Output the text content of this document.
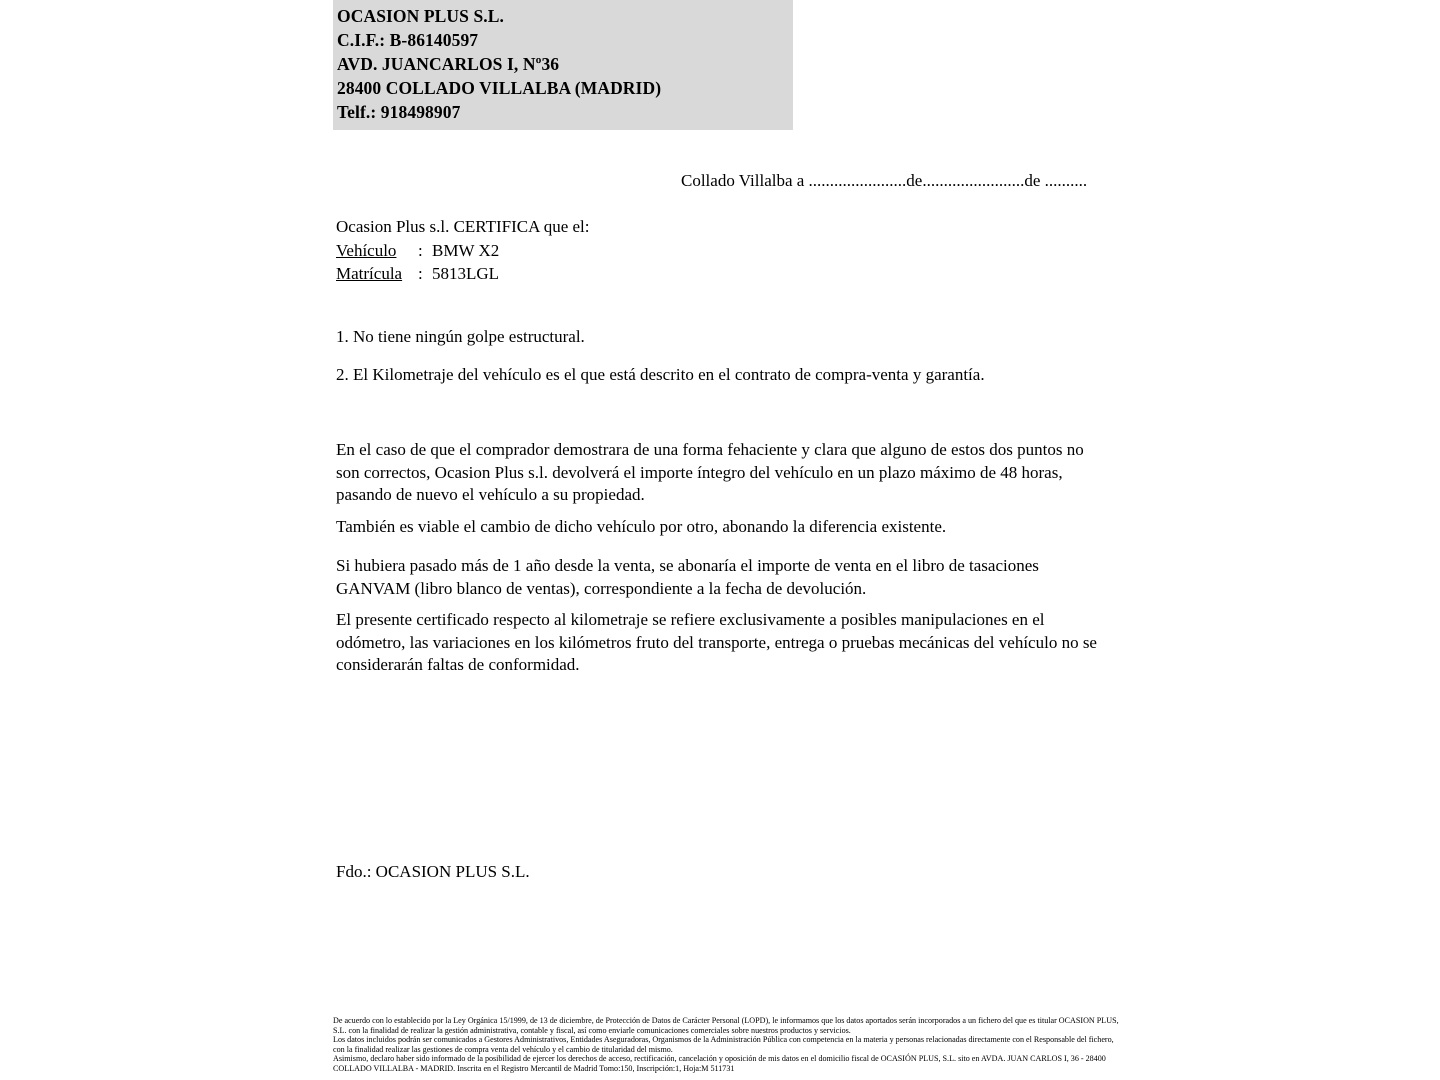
OCASION PLUS S.L.
C.I.F.: B-86140597
AVD. JUANCARLOS I, Nº36
28400 COLLADO VILLALBA (MADRID)
Telf.: 918498907
Collado Villalba a .......................de........................de ..........
Ocasion Plus s.l. CERTIFICA que el:
Vehículo	: BMW X2
Matrícula : 5813LGL
1. No tiene ningún golpe estructural.
2. El Kilometraje del vehículo es el que está descrito en el contrato de compra-venta y garantía.
En el caso de que el comprador demostrara de una forma fehaciente y clara que alguno de estos dos puntos no son correctos, Ocasion Plus s.l. devolverá el importe íntegro del vehículo en un plazo máximo de 48 horas, pasando de nuevo el vehículo a su propiedad.
También es viable el cambio de dicho vehículo por otro, abonando la diferencia existente.
Si hubiera pasado más de 1 año desde la venta, se abonaría el importe de venta en el libro de tasaciones GANVAM (libro blanco de ventas), correspondiente a la fecha de devolución.
El presente certificado respecto al kilometraje se refiere exclusivamente a posibles manipulaciones en el odómetro, las variaciones en los kilómetros fruto del transporte, entrega o pruebas mecánicas del vehículo no se considerarán faltas de conformidad.
Fdo.: OCASION PLUS S.L.

De acuerdo con lo establecido por la Ley Orgánica 15/1999, de 13 de diciembre, de Protección de Datos de Carácter Personal (LOPD), le informamos que los datos aportados serán incorporados a un fichero del que es titular OCASION PLUS, S.L. con la finalidad de realizar la gestión administrativa, contable y fiscal, así como enviarle comunicaciones comerciales sobre nuestros productos y servicios.

Los datos incluidos podrán ser comunicados a Gestores Administrativos, Entidades Aseguradoras, Organismos de la Administración Pública con competencia en la materia y personas relacionadas directamente con el Responsable del fichero, con la finalidad realizar las gestiones de compra venta del vehículo y el cambio de titularidad del mismo.

Asimismo, declaro haber sido informado de la posibilidad de ejercer los derechos de acceso, rectificación, cancelación y oposición de mis datos en el domicilio fiscal de OCASIÓN PLUS, S.L. sito en AVDA. JUAN CARLOS I, 36 - 28400 COLLADO VILLALBA - MADRID. Inscrita en el Registro Mercantil de Madrid Tomo:150, Inscripción:1, Hoja:M 511731
